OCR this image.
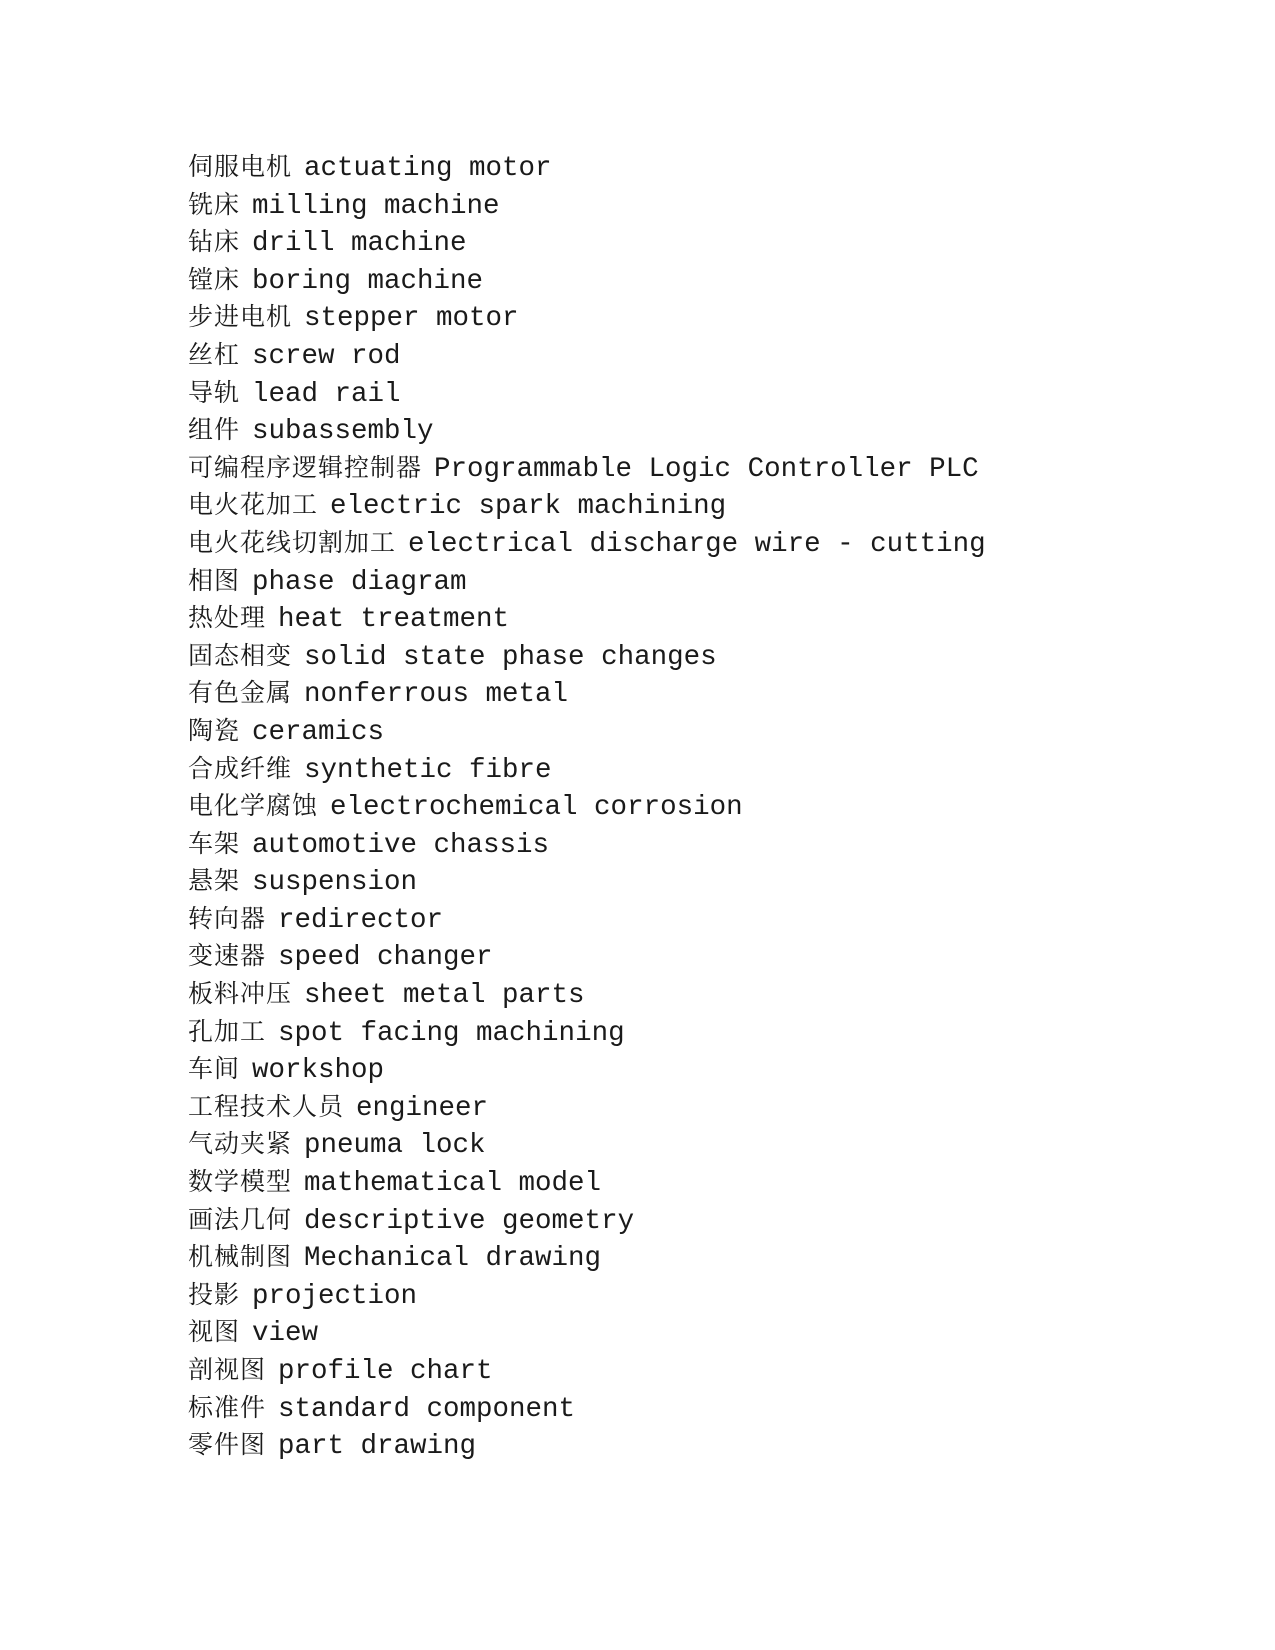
伺服电机 actuating motor
铣床 milling machine
钻床 drill machine
镗床 boring machine
步进电机 stepper motor
丝杠 screw rod
导轨 lead rail
组件 subassembly
可编程序逻辑控制器 Programmable Logic Controller PLC
电火花加工 electric spark machining
电火花线切割加工 electrical discharge wire - cutting
相图 phase diagram
热处理 heat treatment
固态相变 solid state phase changes
有色金属 nonferrous metal
陶瓷 ceramics
合成纤维 synthetic fibre
电化学腐蚀 electrochemical corrosion
车架 automotive chassis
悬架 suspension
转向器 redirector
变速器 speed changer
板料冲压 sheet metal parts
孔加工 spot facing machining
车间 workshop
工程技术人员 engineer
气动夹紧 pneuma lock
数学模型 mathematical model
画法几何 descriptive geometry
机械制图 Mechanical drawing
投影 projection
视图 view
剖视图 profile chart
标准件 standard component
零件图 part drawing
